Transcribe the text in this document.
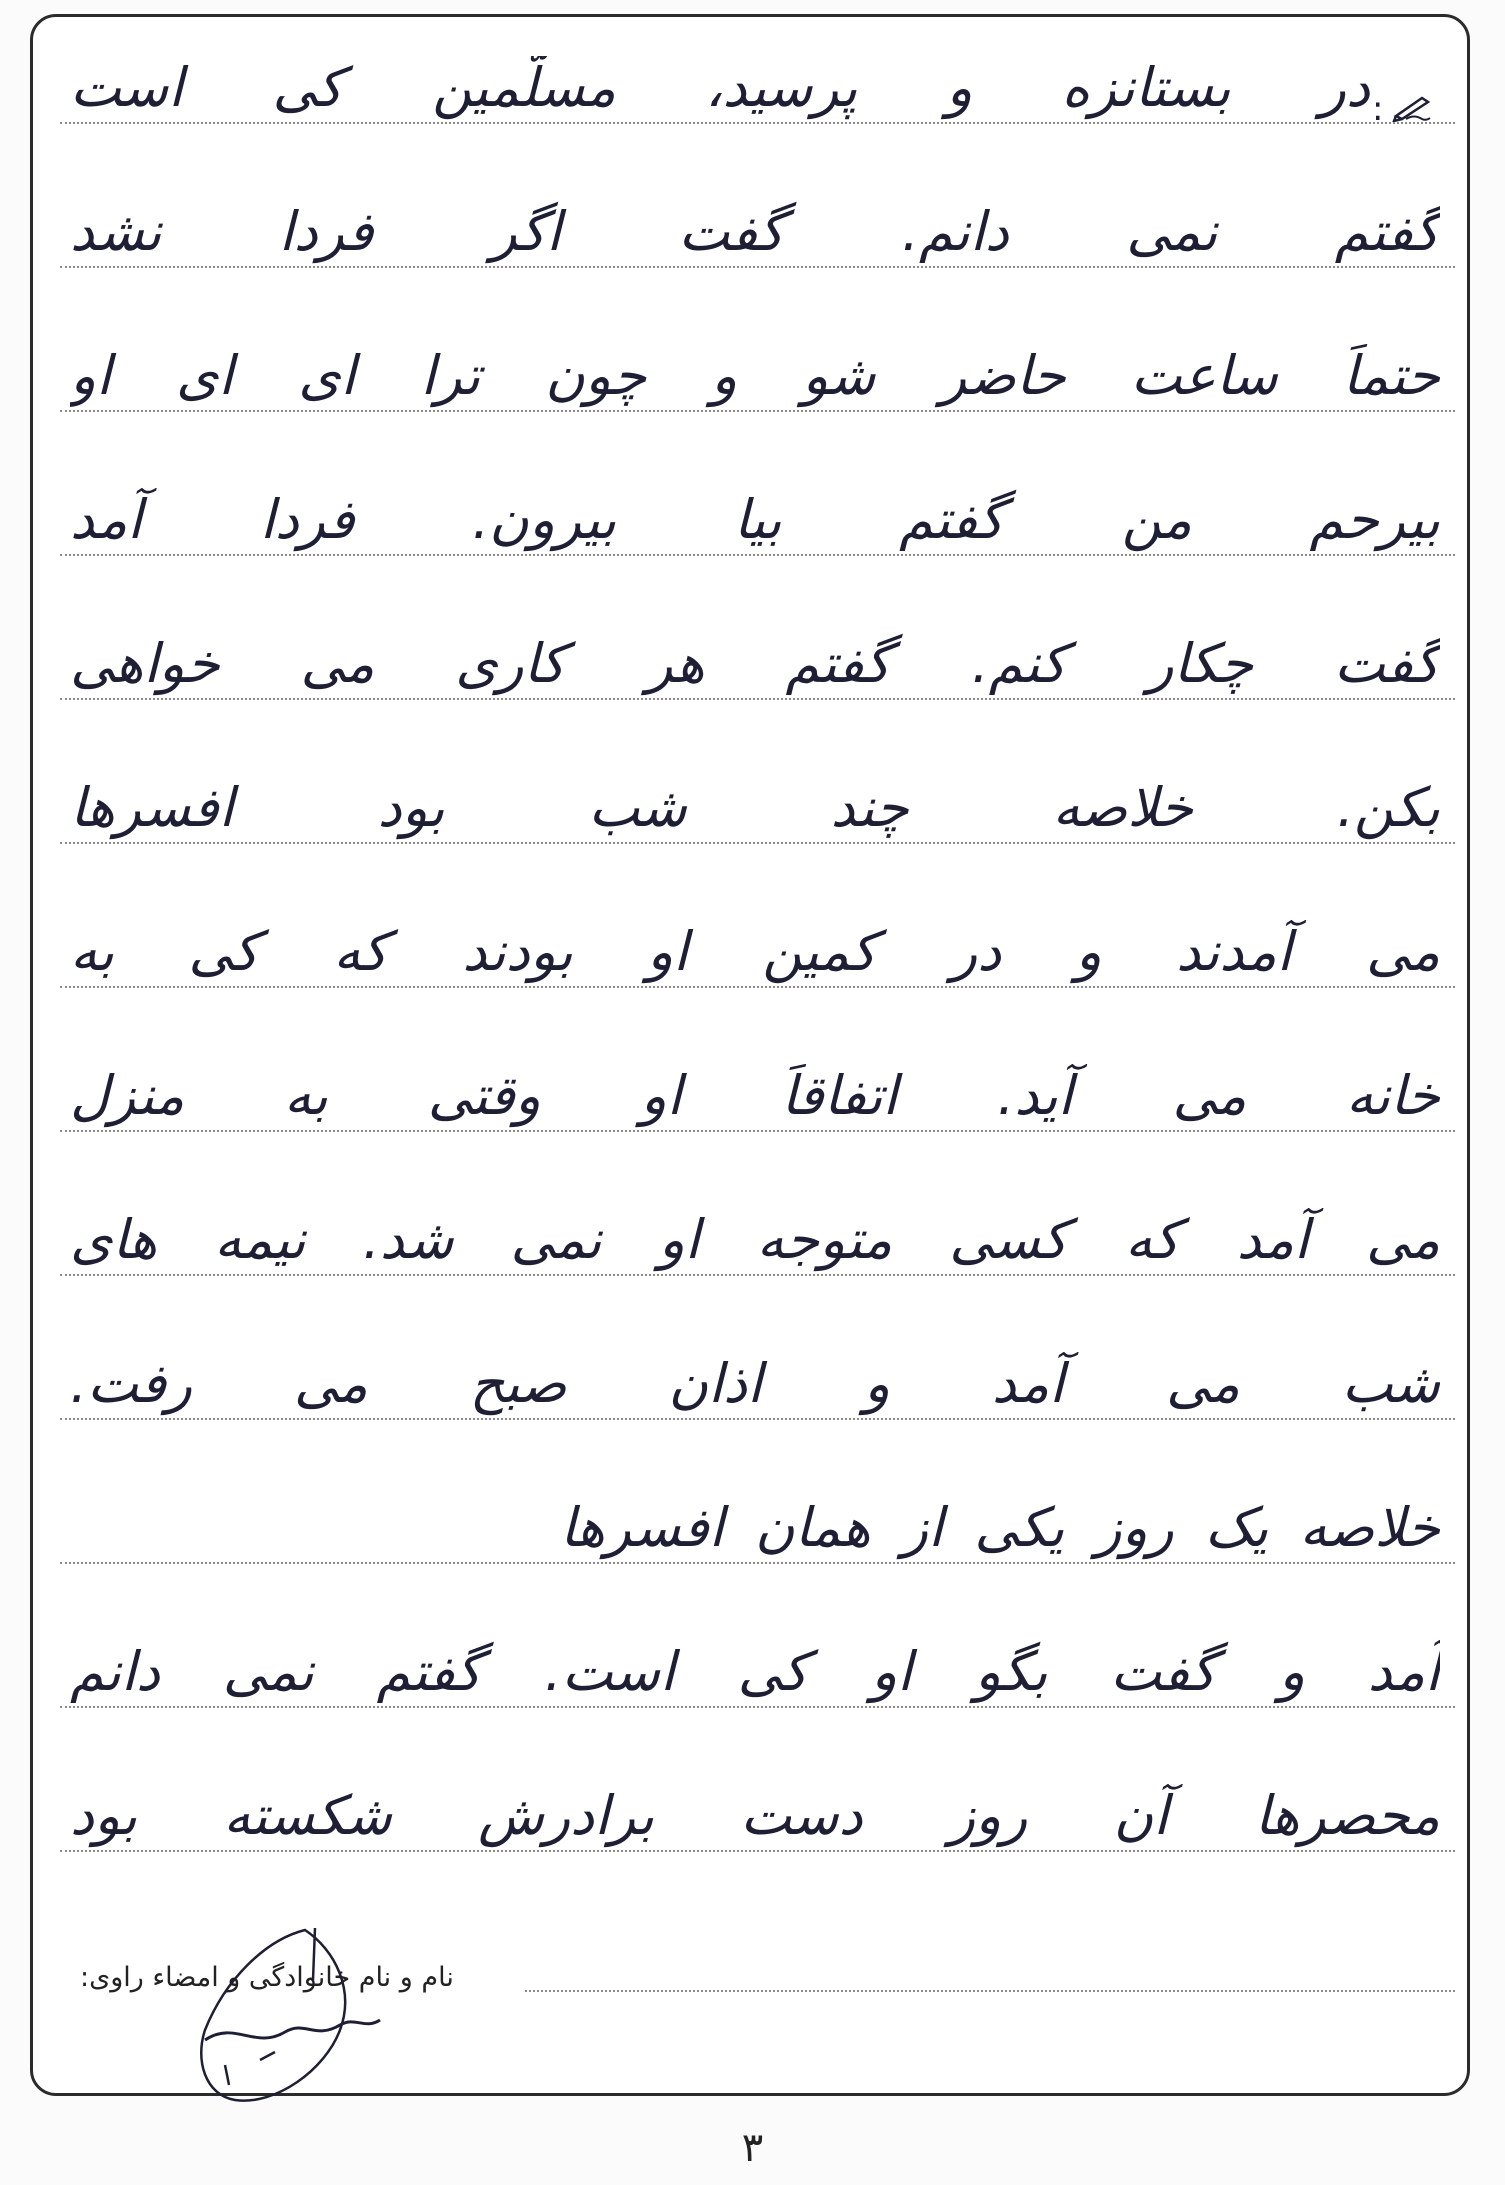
:
در بستانزه و پرسید، مسلّمین کی است
گفتم نمی دانم. گفت اگر فردا نشد
حتماً ساعت حاضر شو و چون ترا ای ای او
بیرحم من گفتم بیا بیرون. فردا آمد
گفت چکار کنم. گفتم هر کاری می خواهی
بکن. خلاصه چند شب بود افسرها
می آمدند و در کمین او بودند که کی به
خانه می آید. اتفاقاً او وقتی به منزل
می آمد که کسی متوجه او نمی شد. نیمه های
شب می آمد و اذان صبح می رفت.
خلاصه یک روز یکی از همان افسرها
آمد و گفت بگو او کی است. گفتم نمی دانم
محصرها آن روز دست برادرش شکسته بود
نام و نام خانوادگی و امضاء راوی:
۳
